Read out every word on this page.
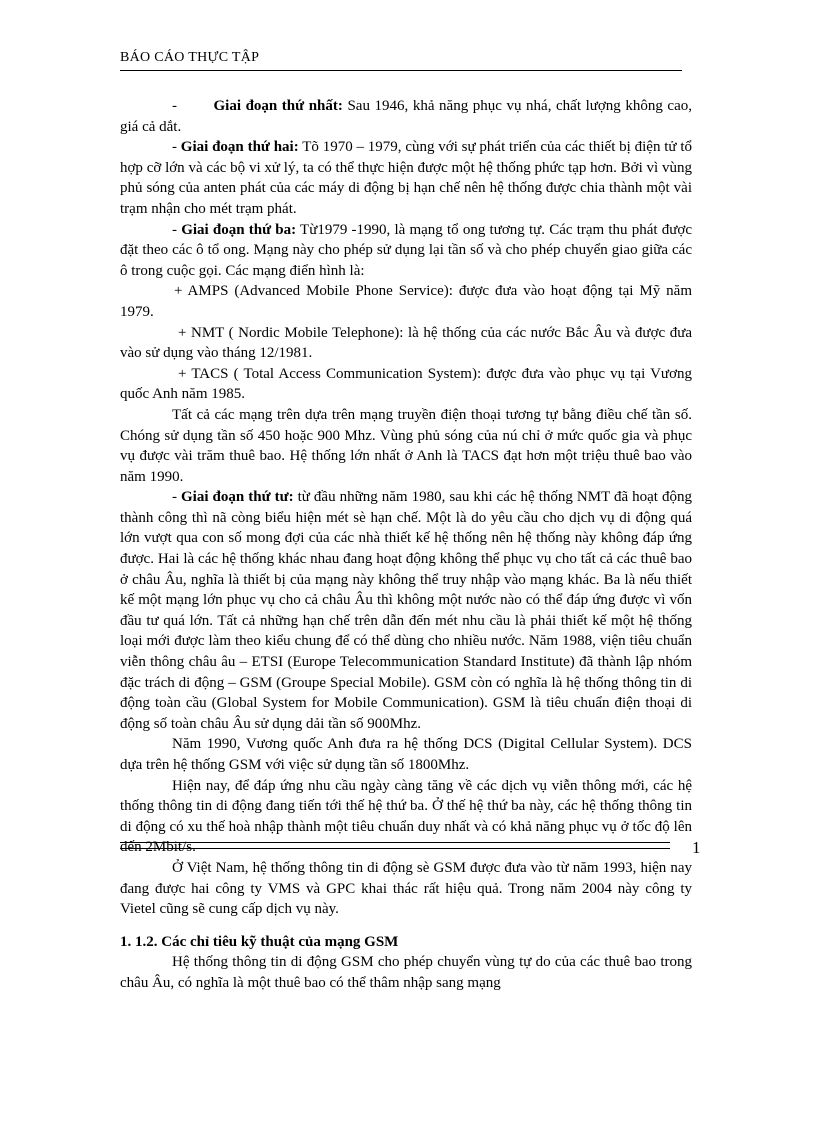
BÁO CÁO THỰC TẬP

-        Giai đoạn thứ nhất: Sau 1946, khả năng phục vụ nhá, chất lượng không cao, giá cả dắt.

- Giai đoạn thứ hai: Tõ 1970 – 1979, cùng với sự phát triển của các thiết bị điện tử tổ hợp cỡ lớn và các bộ vi xử lý, ta có thể thực hiện được một hệ thống phức tạp hơn. Bởi vì vùng phủ sóng của anten phát của các máy di động bị hạn chế nên hệ thống được chia thành một vài trạm nhận cho mét trạm phát.

- Giai đoạn thứ ba: Từ1979 -1990, là mạng tổ ong tương tự. Các trạm thu phát được đặt theo các ô tổ ong. Mạng này cho phép sử dụng lại tần số và cho phép chuyển giao giữa các ô trong cuộc gọi. Các mạng điển hình là:

+ AMPS (Advanced Mobile Phone Service): được đưa vào hoạt động tại Mỹ năm 1979.

+ NMT ( Nordic Mobile Telephone): là hệ thống của các nước Bắc Âu và được đưa vào sử dụng vào tháng 12/1981.

+ TACS ( Total Access Communication System): được đưa vào phục vụ tại Vương quốc Anh năm 1985.

Tất cả các mạng trên dựa trên mạng truyền điện thoại tương tự bằng điều chế tần số. Chóng sử dụng tần số 450 hoặc 900 Mhz. Vùng phủ sóng của nú chỉ ở mức quốc gia và phục vụ được vài trăm thuê bao. Hệ thống lớn nhất ở Anh là TACS đạt hơn một triệu thuê bao vào năm 1990.

- Giai đoạn thứ tư: từ đầu những năm 1980, sau khi các hệ thống NMT đã hoạt động thành công thì nã còng biểu hiện mét sè hạn chế. Một là do yêu cầu cho dịch vụ di động quá lớn vượt qua con số mong đợi của các nhà thiết kế hệ thống nên hệ thống này không đáp ứng được. Hai là các hệ thống khác nhau đang hoạt động không thể phục vụ cho tất cả các thuê bao ở châu Âu, nghĩa là thiết bị của mạng này không thể truy nhập vào mạng khác. Ba là nếu thiết kế một mạng lớn phục vụ cho cả châu Âu thì không một nước nào có thể đáp ứng được vì vốn đầu tư quá lớn. Tất cả những hạn chế trên dẫn đến mét nhu cầu là phải thiết kế một hệ thống loại mới được làm theo kiểu chung để có thể dùng cho nhiều nước. Năm 1988, viện tiêu chuẩn viễn thông châu âu – ETSI (Europe Telecommunication Standard Institute) đã thành lập nhóm đặc trách di động – GSM (Groupe Special Mobile). GSM còn có nghĩa là hệ thống thông tin di động toàn cầu (Global System for Mobile Communication). GSM là tiêu chuẩn điện thoại di động số toàn châu Âu sử dụng dải tần số 900Mhz.

Năm 1990, Vương quốc Anh đưa ra hệ thống DCS (Digital Cellular System). DCS dựa trên hệ thống GSM với việc sử dụng tần số 1800Mhz.

Hiện nay, để đáp ứng nhu cầu ngày càng tăng về các dịch vụ viễn thông mới, các hệ thống thông tin di động đang tiến tới thế hệ thứ ba. Ở thế hệ thứ ba này, các hệ thống thông tin di động có xu thế hoà nhập thành một tiêu chuẩn duy nhất và có khả năng phục vụ ở tốc độ lên đến 2Mbit/s.

Ở Việt Nam, hệ thống thông tin di động sè GSM được đưa vào từ năm 1993, hiện nay đang được hai công ty VMS và GPC khai thác rất hiệu quả. Trong năm 2004 này công ty Vietel cũng sẽ cung cấp dịch vụ này.

1. 1.2. Các chỉ tiêu kỹ thuật của mạng GSM

Hệ thống thông tin di động GSM cho phép chuyển vùng tự do của các thuê bao trong châu Âu, có nghĩa là một thuê bao có thể thâm nhập sang mạng

1
